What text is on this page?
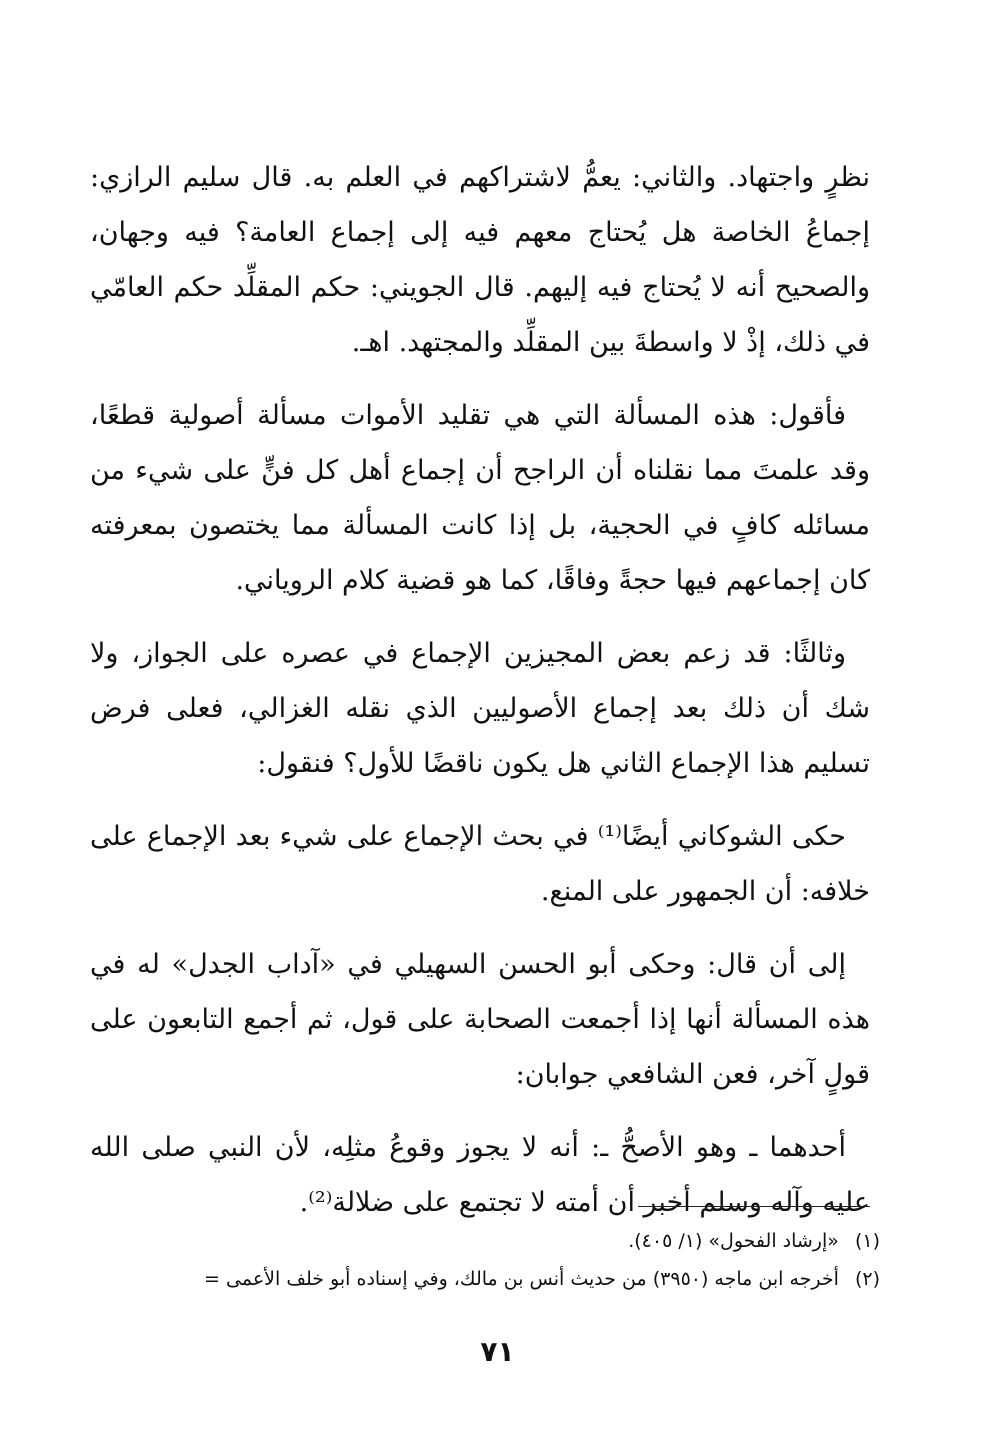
نظرٍ واجتهاد. والثاني: يعمُّ لاشتراكهم في العلم به. قال سليم الرازي: إجماعُ الخاصة هل يُحتاج معهم فيه إلى إجماع العامة؟ فيه وجهان، والصحيح أنه لا يُحتاج فيه إليهم. قال الجويني: حكم المقلِّد حكم العامّي في ذلك، إذْ لا واسطةَ بين المقلِّد والمجتهد. اهـ.

فأقول: هذه المسألة التي هي تقليد الأموات مسألة أصولية قطعًا، وقد علمتَ مما نقلناه أن الراجح أن إجماع أهل كل فنٍّ على شيء من مسائله كافٍ في الحجية، بل إذا كانت المسألة مما يختصون بمعرفته كان إجماعهم فيها حجةً وفاقًا، كما هو قضية كلام الروياني.

وثالثًا: قد زعم بعض المجيزين الإجماع في عصره على الجواز، ولا شك أن ذلك بعد إجماع الأصوليين الذي نقله الغزالي، فعلى فرض تسليم هذا الإجماع الثاني هل يكون ناقضًا للأول؟ فنقول:

حكى الشوكاني أيضًا⁽¹⁾ في بحث الإجماع على شيء بعد الإجماع على خلافه: أن الجمهور على المنع.

إلى أن قال: وحكى أبو الحسن السهيلي في «آداب الجدل» له في هذه المسألة أنها إذا أجمعت الصحابة على قول، ثم أجمع التابعون على قولٍ آخر، فعن الشافعي جوابان:

أحدهما ـ وهو الأصحُّ ـ: أنه لا يجوز وقوعُ مثلِه، لأن النبي صلى الله عليه وآله وسلم أخبر أن أمته لا تجتمع على ضلالة⁽²⁾.

(١) «إرشاد الفحول» (١/ ٤٠٥).

(٢) أخرجه ابن ماجه (٣٩٥٠) من حديث أنس بن مالك، وفي إسناده أبو خلف الأعمى =

٧١
